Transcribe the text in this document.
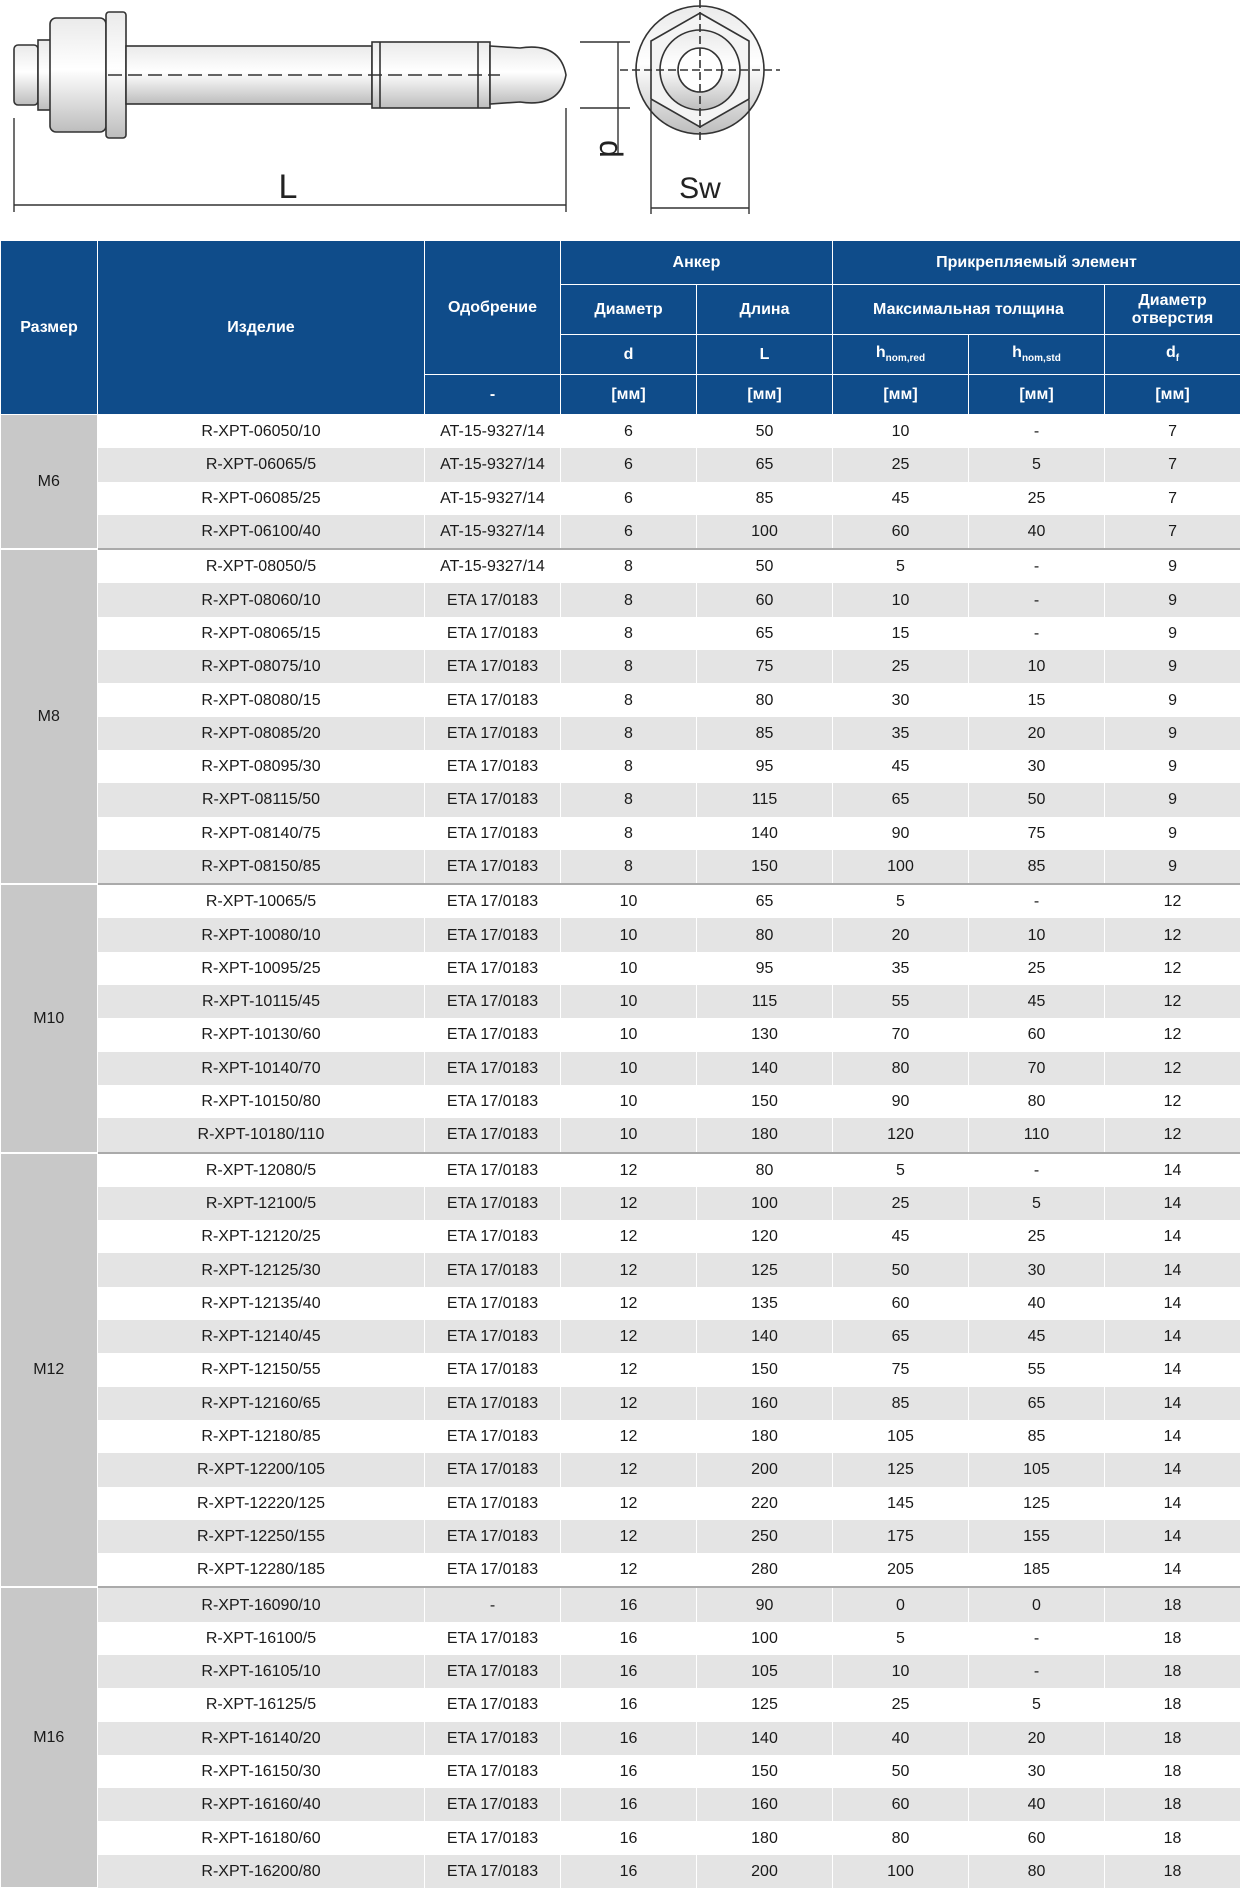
L
d
Sw
Размер	Изделие	Одобрение	Анкер		Прикрепляемый элемент		
			Диаметр	Длина	Максимальная толщина		Диаметр отверстия
			d	L	$h_{nom,red}$	$h_{nom,std}$	$d_f$
		-	[мм]	[мм]	[мм]	[мм]	[мм]
M6	R-XPT-06050/10	AT-15-9327/14	6	50	10	-	7
	R-XPT-06065/5	AT-15-9327/14	6	65	25	5	7
	R-XPT-06085/25	AT-15-9327/14	6	85	45	25	7
	R-XPT-06100/40	AT-15-9327/14	6	100	60	40	7
M8	R-XPT-08050/5	AT-15-9327/14	8	50	5	-	9
	R-XPT-08060/10	ETA 17/0183	8	60	10	-	9
	R-XPT-08065/15	ETA 17/0183	8	65	15	-	9
	R-XPT-08075/10	ETA 17/0183	8	75	25	10	9
	R-XPT-08080/15	ETA 17/0183	8	80	30	15	9
	R-XPT-08085/20	ETA 17/0183	8	85	35	20	9
	R-XPT-08095/30	ETA 17/0183	8	95	45	30	9
	R-XPT-08115/50	ETA 17/0183	8	115	65	50	9
	R-XPT-08140/75	ETA 17/0183	8	140	90	75	9
	R-XPT-08150/85	ETA 17/0183	8	150	100	85	9
M10	R-XPT-10065/5	ETA 17/0183	10	65	5	-	12
	R-XPT-10080/10	ETA 17/0183	10	80	20	10	12
	R-XPT-10095/25	ETA 17/0183	10	95	35	25	12
	R-XPT-10115/45	ETA 17/0183	10	115	55	45	12
	R-XPT-10130/60	ETA 17/0183	10	130	70	60	12
	R-XPT-10140/70	ETA 17/0183	10	140	80	70	12
	R-XPT-10150/80	ETA 17/0183	10	150	90	80	12
	R-XPT-10180/110	ETA 17/0183	10	180	120	110	12
M12	R-XPT-12080/5	ETA 17/0183	12	80	5	-	14
	R-XPT-12100/5	ETA 17/0183	12	100	25	5	14
	R-XPT-12120/25	ETA 17/0183	12	120	45	25	14
	R-XPT-12125/30	ETA 17/0183	12	125	50	30	14
	R-XPT-12135/40	ETA 17/0183	12	135	60	40	14
	R-XPT-12140/45	ETA 17/0183	12	140	65	45	14
	R-XPT-12150/55	ETA 17/0183	12	150	75	55	14
	R-XPT-12160/65	ETA 17/0183	12	160	85	65	14
	R-XPT-12180/85	ETA 17/0183	12	180	105	85	14
	R-XPT-12200/105	ETA 17/0183	12	200	125	105	14
	R-XPT-12220/125	ETA 17/0183	12	220	145	125	14
	R-XPT-12250/155	ETA 17/0183	12	250	175	155	14
	R-XPT-12280/185	ETA 17/0183	12	280	205	185	14
M16	R-XPT-16090/10	-	16	90	0	0	18
	R-XPT-16100/5	ETA 17/0183	16	100	5	-	18
	R-XPT-16105/10	ETA 17/0183	16	105	10	-	18
	R-XPT-16125/5	ETA 17/0183	16	125	25	5	18
	R-XPT-16140/20	ETA 17/0183	16	140	40	20	18
	R-XPT-16150/30	ETA 17/0183	16	150	50	30	18
	R-XPT-16160/40	ETA 17/0183	16	160	60	40	18
	R-XPT-16180/60	ETA 17/0183	16	180	80	60	18
	R-XPT-16200/80	ETA 17/0183	16	200	100	80	18
